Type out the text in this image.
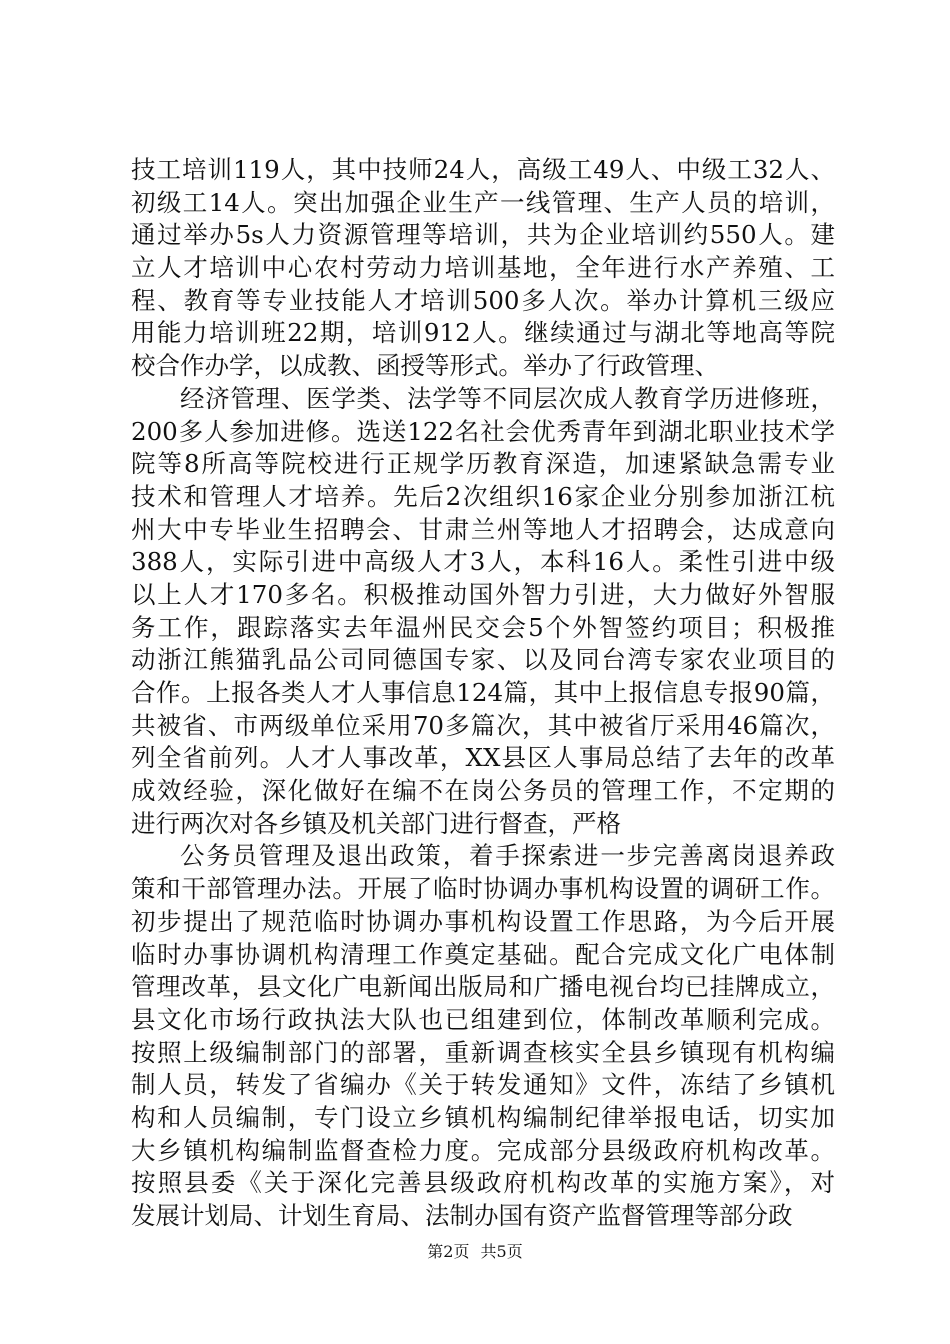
技工培训119人，其中技师24人，高级工49人、中级工32人、
初级工14人。突出加强企业生产一线管理、生产人员的培训，
通过举办5s人力资源管理等培训，共为企业培训约550人。建
立人才培训中心农村劳动力培训基地，全年进行水产养殖、工
程、教育等专业技能人才培训500多人次。举办计算机三级应
用能力培训班22期，培训912人。继续通过与湖北等地高等院
校合作办学，以成教、函授等形式。举办了行政管理、
经济管理、医学类、法学等不同层次成人教育学历进修班，
200多人参加进修。选送122名社会优秀青年到湖北职业技术学
院等8所高等院校进行正规学历教育深造，加速紧缺急需专业
技术和管理人才培养。先后2次组织16家企业分别参加浙江杭
州大中专毕业生招聘会、甘肃兰州等地人才招聘会，达成意向
388人，实际引进中高级人才3人，本科16人。柔性引进中级
以上人才170多名。积极推动国外智力引进，大力做好外智服
务工作，跟踪落实去年温州民交会5个外智签约项目；积极推
动浙江熊猫乳品公司同德国专家、以及同台湾专家农业项目的
合作。上报各类人才人事信息124篇，其中上报信息专报90篇，
共被省、市两级单位采用70多篇次，其中被省厅采用46篇次，
列全省前列。人才人事改革，XX县区人事局总结了去年的改革
成效经验，深化做好在编不在岗公务员的管理工作，不定期的
进行两次对各乡镇及机关部门进行督查，严格
公务员管理及退出政策，着手探索进一步完善离岗退养政
策和干部管理办法。开展了临时协调办事机构设置的调研工作。
初步提出了规范临时协调办事机构设置工作思路，为今后开展
临时办事协调机构清理工作奠定基础。配合完成文化广电体制
管理改革，县文化广电新闻出版局和广播电视台均已挂牌成立，
县文化市场行政执法大队也已组建到位，体制改革顺利完成。
按照上级编制部门的部署，重新调查核实全县乡镇现有机构编
制人员，转发了省编办《关于转发通知》文件，冻结了乡镇机
构和人员编制，专门设立乡镇机构编制纪律举报电话，切实加
大乡镇机构编制监督查检力度。完成部分县级政府机构改革。
按照县委《关于深化完善县级政府机构改革的实施方案》，对
发展计划局、计划生育局、法制办国有资产监督管理等部分政
第2页 共5页
